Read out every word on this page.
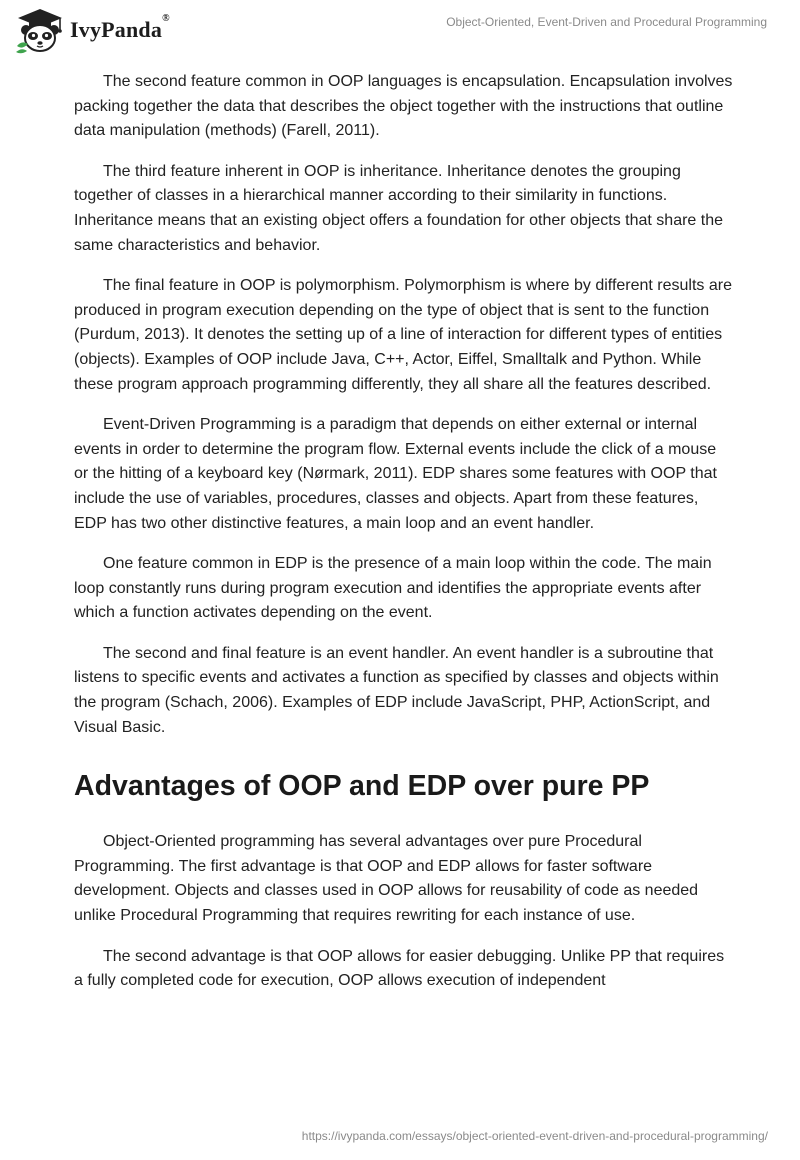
IvyPanda®	Object-Oriented, Event-Driven and Procedural Programming

The second feature common in OOP languages is encapsulation. Encapsulation involves packing together the data that describes the object together with the instructions that outline data manipulation (methods) (Farell, 2011).

The third feature inherent in OOP is inheritance. Inheritance denotes the grouping together of classes in a hierarchical manner according to their similarity in functions. Inheritance means that an existing object offers a foundation for other objects that share the same characteristics and behavior.

The final feature in OOP is polymorphism. Polymorphism is where by different results are produced in program execution depending on the type of object that is sent to the function (Purdum, 2013). It denotes the setting up of a line of interaction for different types of entities (objects). Examples of OOP include Java, C++, Actor, Eiffel, Smalltalk and Python. While these program approach programming differently, they all share all the features described.

Event-Driven Programming is a paradigm that depends on either external or internal events in order to determine the program flow. External events include the click of a mouse or the hitting of a keyboard key (Nørmark, 2011). EDP shares some features with OOP that include the use of variables, procedures, classes and objects. Apart from these features, EDP has two other distinctive features, a main loop and an event handler.

One feature common in EDP is the presence of a main loop within the code. The main loop constantly runs during program execution and identifies the appropriate events after which a function activates depending on the event.

The second and final feature is an event handler. An event handler is a subroutine that listens to specific events and activates a function as specified by classes and objects within the program (Schach, 2006). Examples of EDP include JavaScript, PHP, ActionScript, and Visual Basic.

Advantages of OOP and EDP over pure PP

Object-Oriented programming has several advantages over pure Procedural Programming. The first advantage is that OOP and EDP allows for faster software development. Objects and classes used in OOP allows for reusability of code as needed unlike Procedural Programming that requires rewriting for each instance of use.

The second advantage is that OOP allows for easier debugging. Unlike PP that requires a fully completed code for execution, OOP allows execution of independent

https://ivypanda.com/essays/object-oriented-event-driven-and-procedural-programming/
